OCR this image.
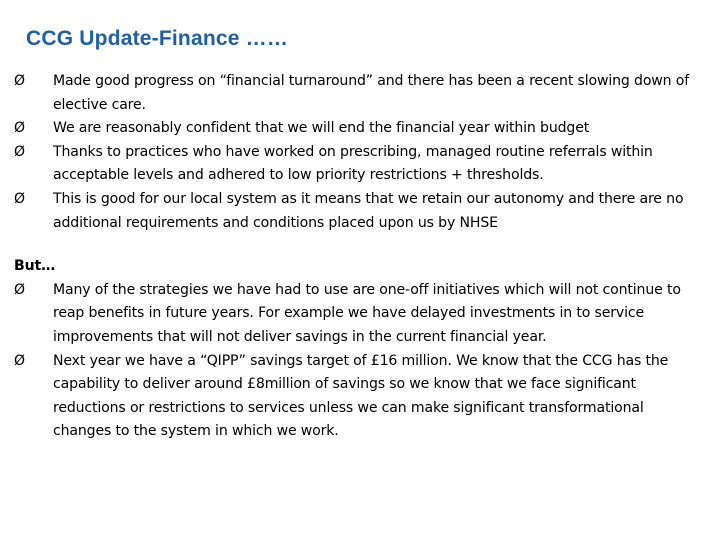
CCG Update-Finance ……
Ø	Made good progress on “financial turnaround” and there has been a recent slowing down of elective care.
Ø	We are reasonably confident that we will end the financial year within budget
Ø	Thanks to practices who have worked on prescribing, managed routine referrals within acceptable levels and adhered to low priority restrictions + thresholds.
Ø	This is good for our local system as it means that we retain our autonomy and there are no additional requirements and conditions placed upon us by NHSE
But…
Ø	Many of the strategies we have had to use are one-off initiatives which will not continue to reap benefits in future years. For example we have delayed investments in to service improvements that will not deliver savings in the current financial year.
Ø	Next year we have a “QIPP” savings target of £16 million. We know that the CCG has the capability to deliver around £8million of savings so we know that we face significant reductions or restrictions to services unless we can make significant transformational changes to the system in which we work.
